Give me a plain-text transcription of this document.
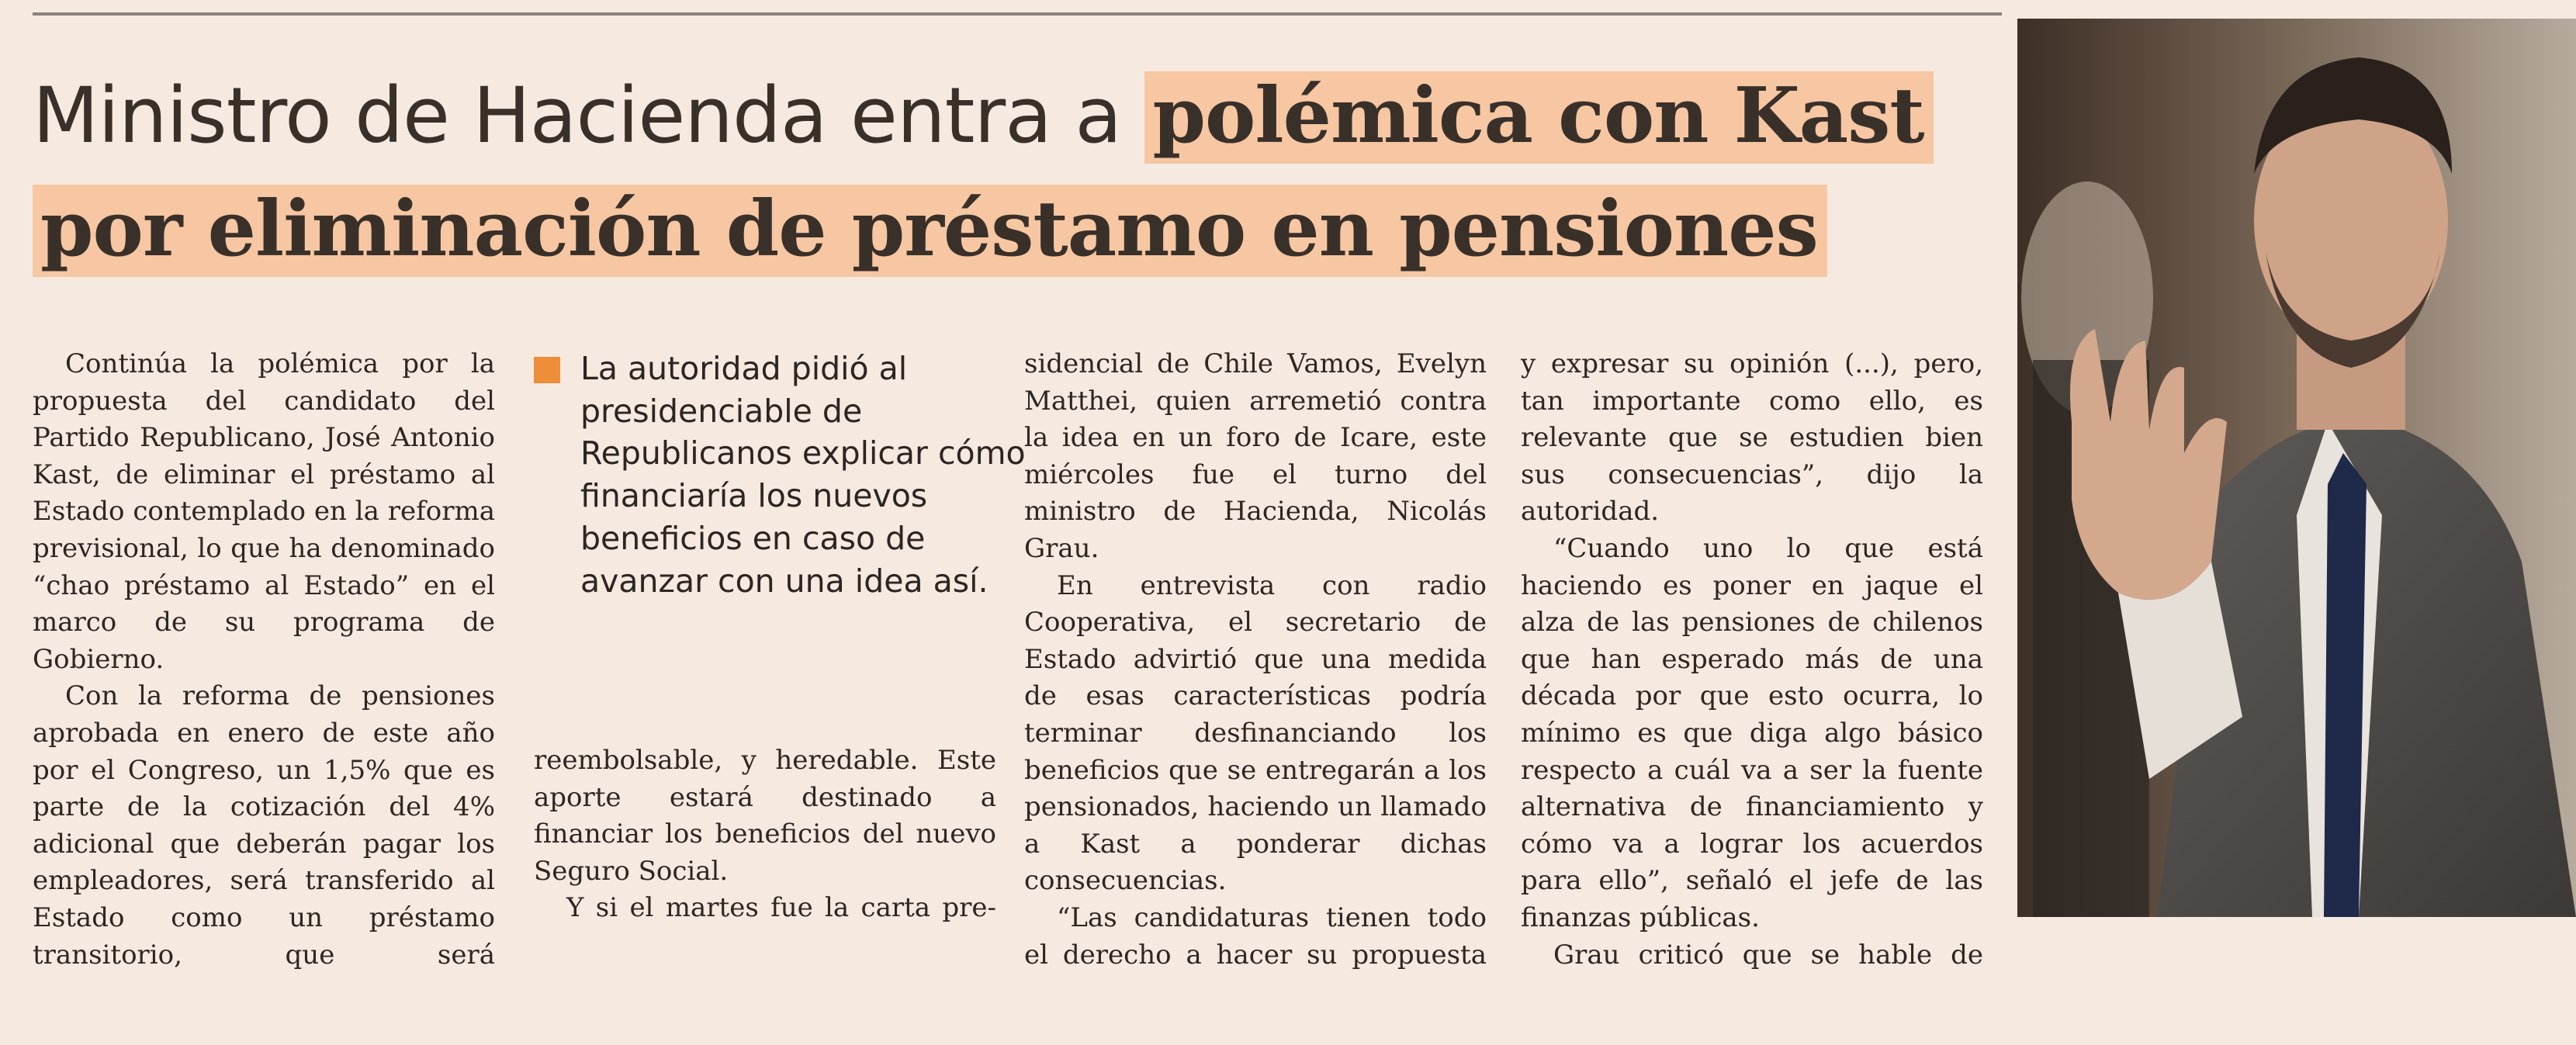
Ministro de Hacienda entra a polémica con Kast
por eliminación de préstamo en pensiones

Continúa la polémica por la propuesta del candidato del Partido Republicano, José Antonio Kast, de eliminar el préstamo al Estado contemplado en la reforma previsional, lo que ha denominado “chao préstamo al Estado” en el marco de su programa de Gobierno.

Con la reforma de pensiones aprobada en enero de este año por el Congreso, un 1,5% que es parte de la cotización del 4% adicional que deberán pagar los empleadores, será transferido al Estado como un préstamo transitorio, que será

La autoridad pidió al presidenciable de Republicanos explicar cómo financiaría los nuevos beneficios en caso de avanzar con una idea así.

reembolsable, y heredable. Este aporte estará destinado a financiar los beneficios del nuevo Seguro Social.

Y si el martes fue la carta pre-

sidencial de Chile Vamos, Evelyn Matthei, quien arremetió contra la idea en un foro de Icare, este miércoles fue el turno del ministro de Hacienda, Nicolás Grau.

En entrevista con radio Cooperativa, el secretario de Estado advirtió que una medida de esas características podría terminar desfinanciando los beneficios que se entregarán a los pensionados, haciendo un llamado a Kast a ponderar dichas consecuencias.

“Las candidaturas tienen todo el derecho a hacer su propuesta

y expresar su opinión (...), pero, tan importante como ello, es relevante que se estudien bien sus consecuencias”, dijo la autoridad.

“Cuando uno lo que está haciendo es poner en jaque el alza de las pensiones de chilenos que han esperado más de una década por que esto ocurra, lo mínimo es que diga algo básico respecto a cuál va a ser la fuente alternativa de financiamiento y cómo va a lograr los acuerdos para ello”, señaló el jefe de las finanzas públicas.

Grau criticó que se hable de
